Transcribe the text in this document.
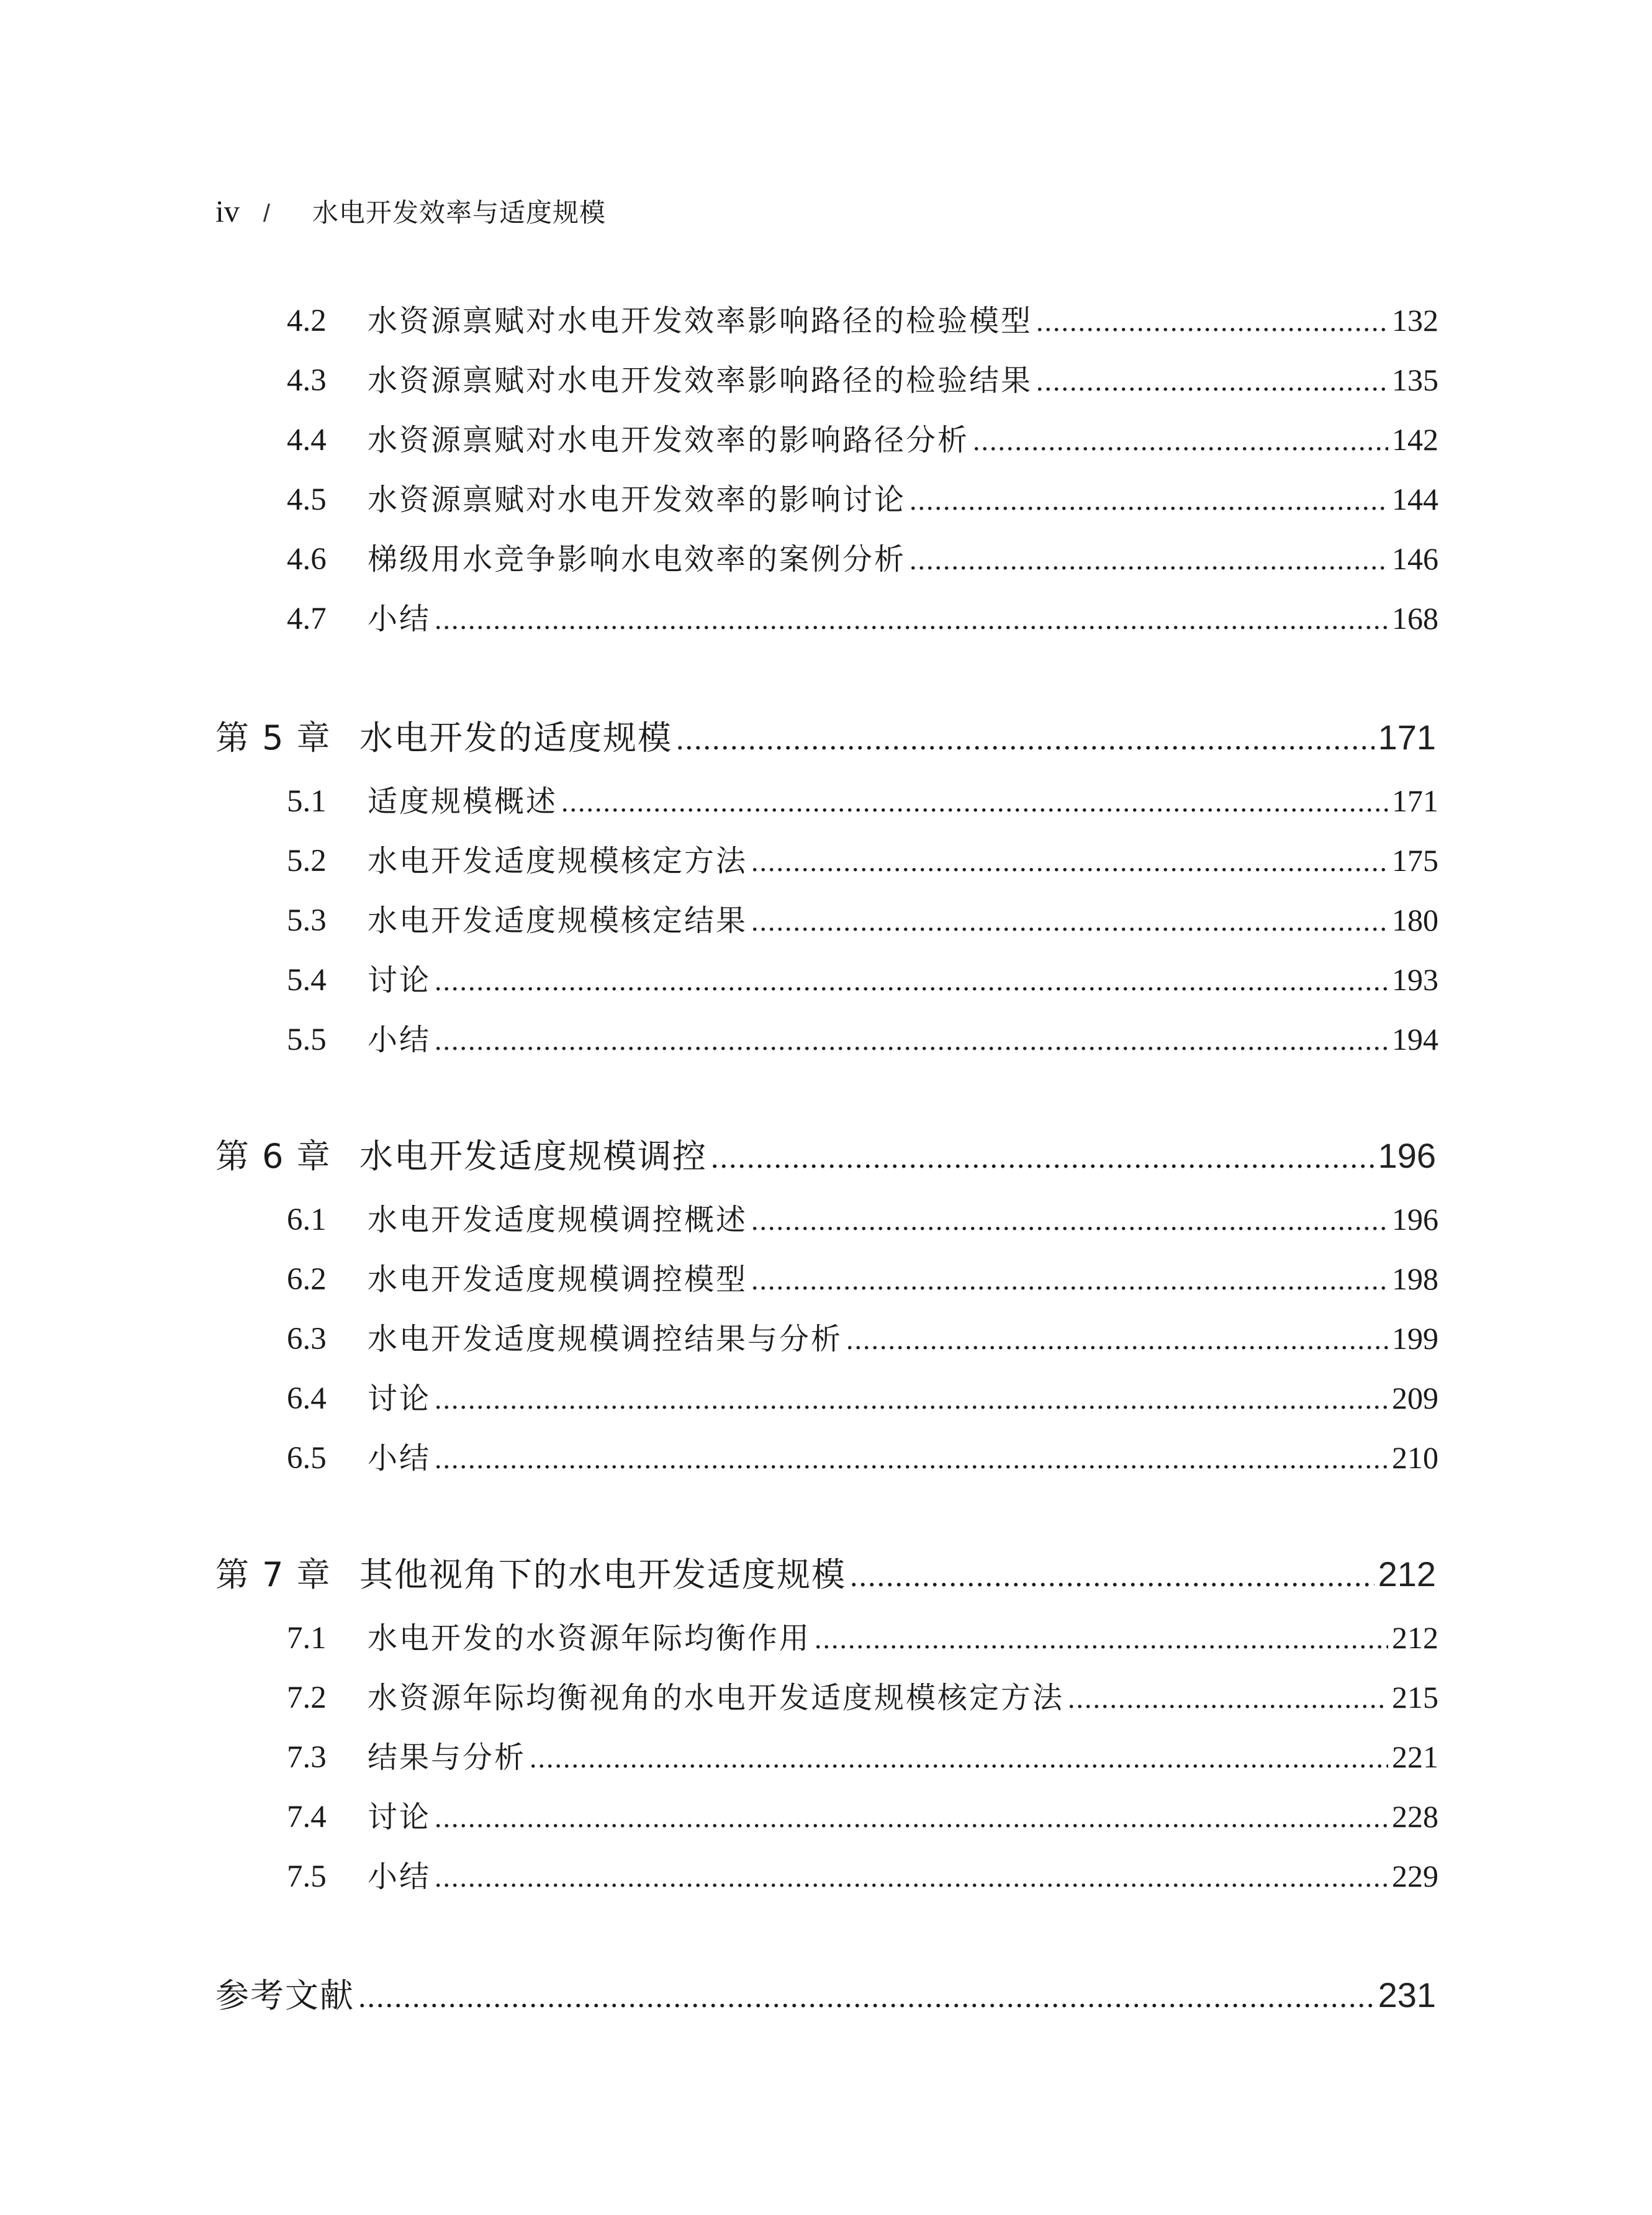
iv / 水电开发效率与适度规模
4.2	水资源禀赋对水电开发效率影响路径的检验模型 .....	132
4.3	水资源禀赋对水电开发效率影响路径的检验结果 .....	135
4.4	水资源禀赋对水电开发效率的影响路径分析 .....	142
4.5	水资源禀赋对水电开发效率的影响讨论 .....	144
4.6	梯级用水竞争影响水电效率的案例分析 .....	146
4.7	小结 .....	168
第 5 章 水电开发的适度规模 .....	171
5.1	适度规模概述 .....	171
5.2	水电开发适度规模核定方法 .....	175
5.3	水电开发适度规模核定结果 .....	180
5.4	讨论 .....	193
5.5	小结 .....	194
第 6 章 水电开发适度规模调控 .....	196
6.1	水电开发适度规模调控概述 .....	196
6.2	水电开发适度规模调控模型 .....	198
6.3	水电开发适度规模调控结果与分析 .....	199
6.4	讨论 .....	209
6.5	小结 .....	210
第 7 章 其他视角下的水电开发适度规模 .....	212
7.1	水电开发的水资源年际均衡作用 .....	212
7.2	水资源年际均衡视角的水电开发适度规模核定方法 .....	215
7.3	结果与分析 .....	221
7.4	讨论 .....	228
7.5	小结 .....	229
参考文献 .....	231
